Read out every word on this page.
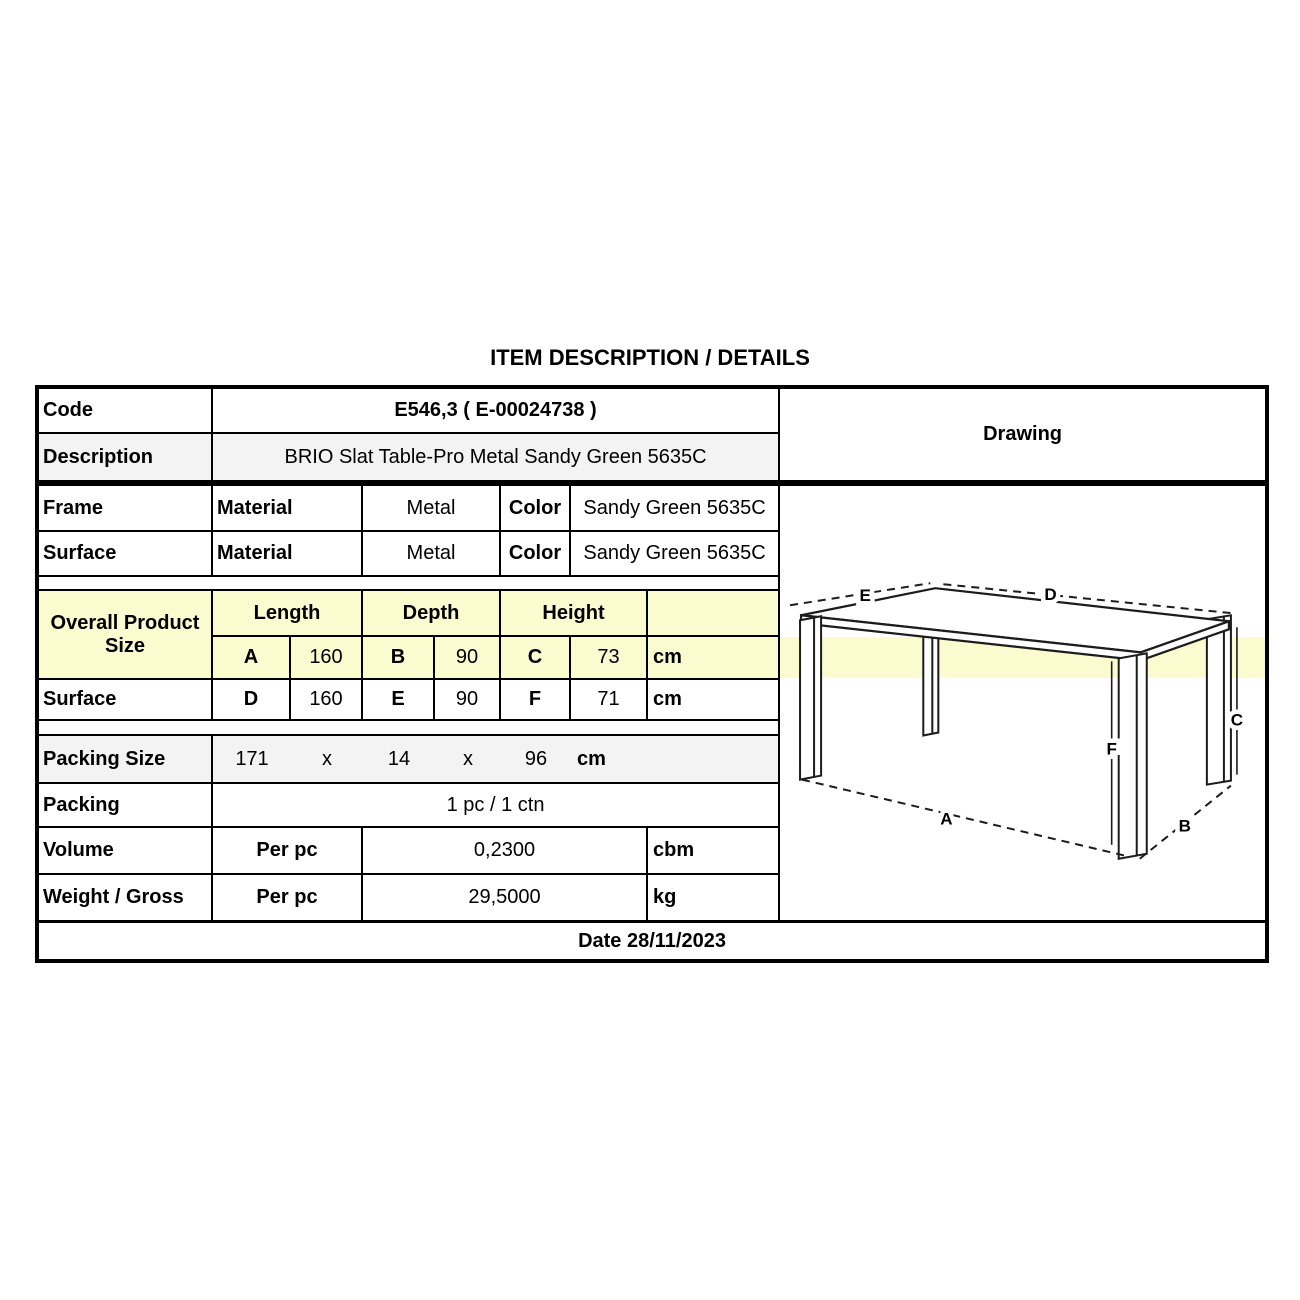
ITEM DESCRIPTION / DETAILS
Code	E546,3 ( E-00024738 )							Drawing
Description	BRIO Slat Table-Pro Metal Sandy Green 5635C							
Frame	Material	Metal	Color	Sandy Green 5635C	
E	D
C
F
A	B

Surface	Material		Metal		Color	Sandy Green 5635C		

Overall Product Size	Length		Depth		Height			
	A	160	B	90	C	73	cm	
Surface	D	160	E	90	F	71	cm	

Packing Size	171	x	14	x	96	cm

Packing	1 pc / 1 ctn							
Volume	Per pc		0,2300				cbm	
Weight / Gross	Per pc		29,5000				kg	
Date 28/11/2023								
